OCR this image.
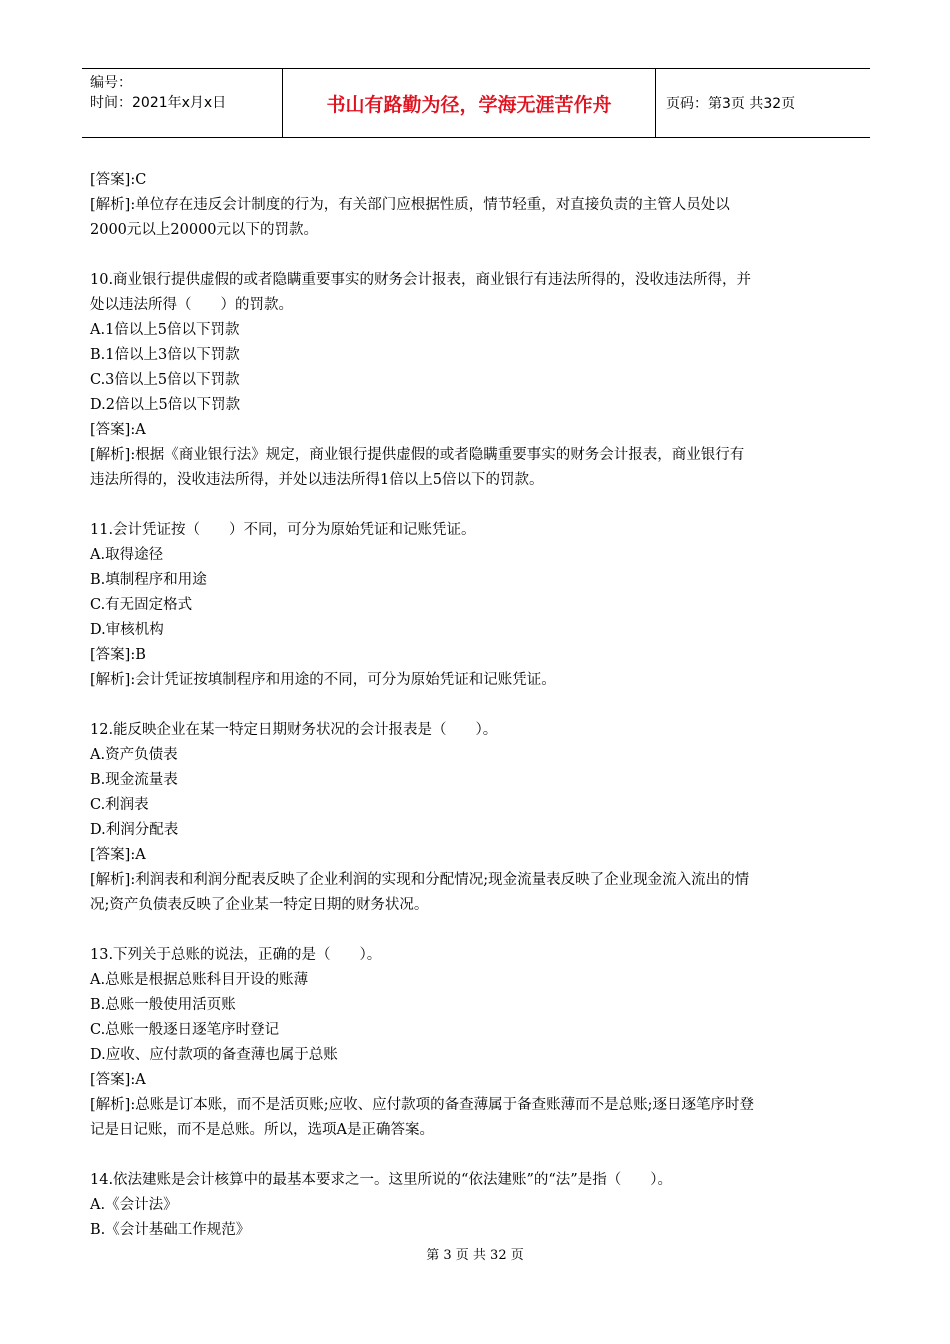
编号：
时间：2021年x月x日	书山有路勤为径，学海无涯苦作舟	页码：第3页 共32页
[答案]:C
[解析]:单位存在违反会计制度的行为，有关部门应根据性质，情节轻重，对直接负责的主管人员处以
2000元以上20000元以下的罚款。
10.商业银行提供虚假的或者隐瞒重要事实的财务会计报表，商业银行有违法所得的，没收违法所得，并
处以违法所得（　　）的罚款。
A.1倍以上5倍以下罚款
B.1倍以上3倍以下罚款
C.3倍以上5倍以下罚款
D.2倍以上5倍以下罚款
[答案]:A
[解析]:根据《商业银行法》规定，商业银行提供虚假的或者隐瞒重要事实的财务会计报表，商业银行有
违法所得的，没收违法所得，并处以违法所得1倍以上5倍以下的罚款。
11.会计凭证按（　　）不同，可分为原始凭证和记账凭证。
A.取得途径
B.填制程序和用途
C.有无固定格式
D.审核机构
[答案]:B
[解析]:会计凭证按填制程序和用途的不同，可分为原始凭证和记账凭证。
12.能反映企业在某一特定日期财务状况的会计报表是（　　）。
A.资产负债表
B.现金流量表
C.利润表
D.利润分配表
[答案]:A
[解析]:利润表和利润分配表反映了企业利润的实现和分配情况;现金流量表反映了企业现金流入流出的情
况;资产负债表反映了企业某一特定日期的财务状况。
13.下列关于总账的说法，正确的是（　　）。
A.总账是根据总账科目开设的账薄
B.总账一般使用活页账
C.总账一般逐日逐笔序时登记
D.应收、应付款项的备查薄也属于总账
[答案]:A
[解析]:总账是订本账，而不是活页账;应收、应付款项的备查薄属于备查账薄而不是总账;逐日逐笔序时登
记是日记账，而不是总账。所以，选项A是正确答案。
14.依法建账是会计核算中的最基本要求之一。这里所说的“依法建账”的“法”是指（　　）。
A.《会计法》
B.《会计基础工作规范》
第 3 页 共 32 页
